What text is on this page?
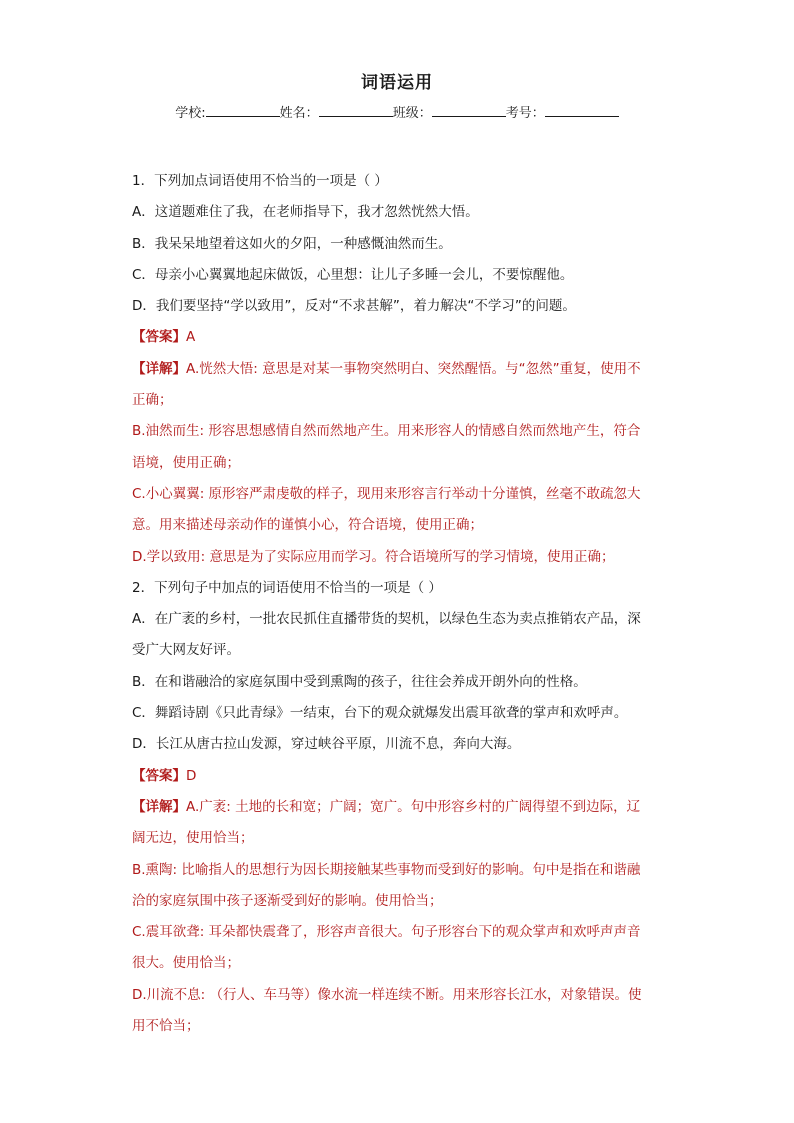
词语运用
学校:	姓名：	班级：	考号：
1．下列加点词语使用不恰当的一项是（ ）
A．这道题难住了我，在老师指导下，我才忽然恍然大悟。
B．我呆呆地望着这如火的夕阳，一种感慨油然而生。
C．母亲小心翼翼地起床做饭，心里想：让儿子多睡一会儿，不要惊醒他。
D．我们要坚持“学以致用”，反对“不求甚解”，着力解决“不学习”的问题。
【答案】A
【详解】A.恍然大悟: 意思是对某一事物突然明白、突然醒悟。与“忽然”重复，使用不
正确；
B.油然而生: 形容思想感情自然而然地产生。用来形容人的情感自然而然地产生，符合
语境，使用正确；
C.小心翼翼: 原形容严肃虔敬的样子，现用来形容言行举动十分谨慎，丝毫不敢疏忽大
意。用来描述母亲动作的谨慎小心，符合语境，使用正确；
D.学以致用: 意思是为了实际应用而学习。符合语境所写的学习情境，使用正确；
2．下列句子中加点的词语使用不恰当的一项是（ ）
A．在广袤的乡村，一批农民抓住直播带货的契机，以绿色生态为卖点推销农产品，深
受广大网友好评。
B．在和谐融洽的家庭氛围中受到熏陶的孩子，往往会养成开朗外向的性格。
C．舞蹈诗剧《只此青绿》一结束，台下的观众就爆发出震耳欲聋的掌声和欢呼声。
D．长江从唐古拉山发源，穿过峡谷平原，川流不息，奔向大海。
【答案】D
【详解】A.广袤: 土地的长和宽；广阔；宽广。句中形容乡村的广阔得望不到边际，辽
阔无边，使用恰当；
B.熏陶: 比喻指人的思想行为因长期接触某些事物而受到好的影响。句中是指在和谐融
洽的家庭氛围中孩子逐渐受到好的影响。使用恰当；
C.震耳欲聋: 耳朵都快震聋了，形容声音很大。句子形容台下的观众掌声和欢呼声声音
很大。使用恰当；
D.川流不息: （行人、车马等）像水流一样连续不断。用来形容长江水，对象错误。使
用不恰当；
